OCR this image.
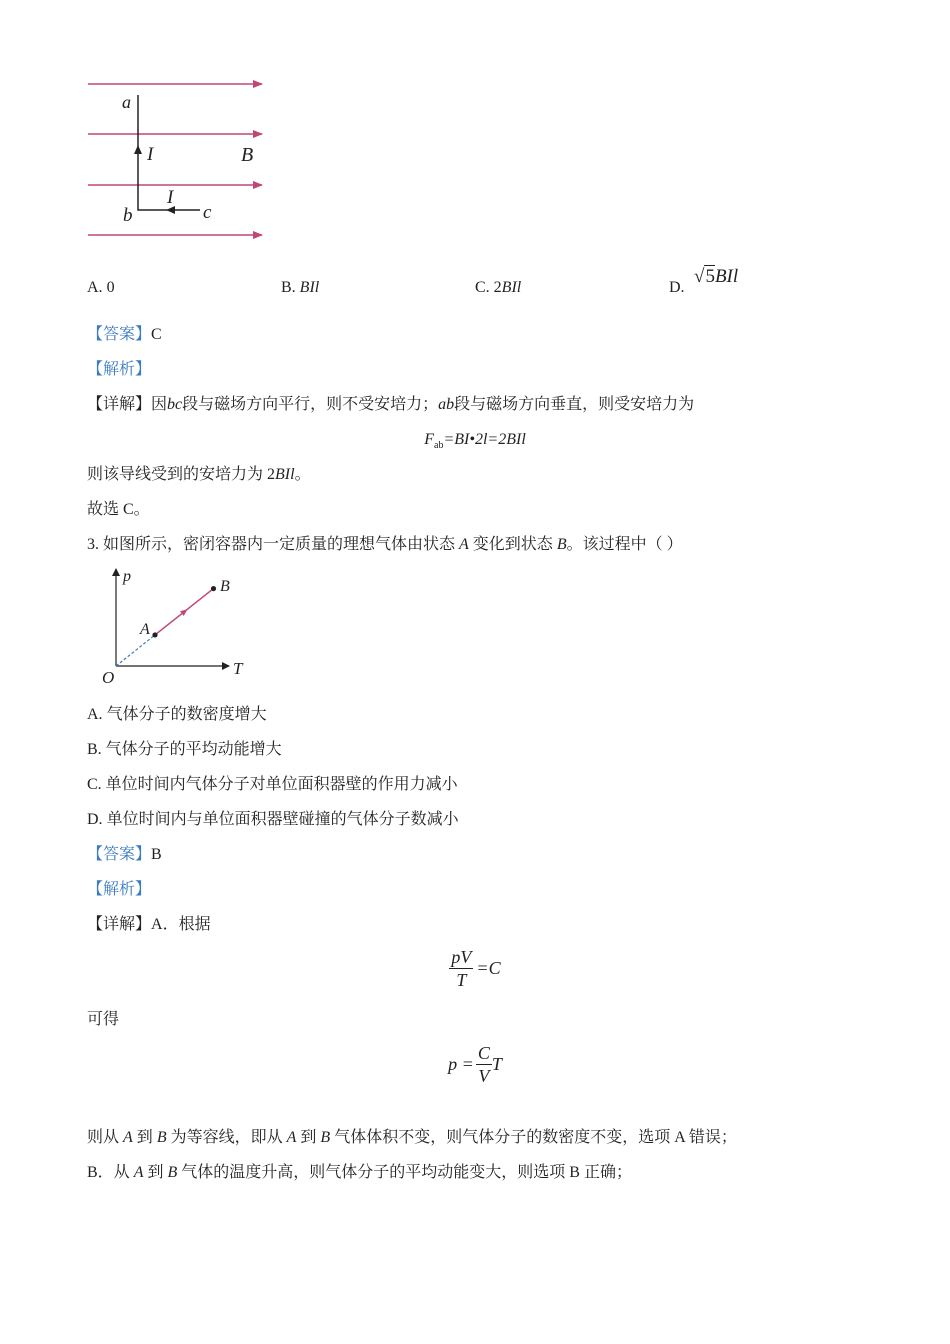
a
I	B
I
b	c
A. 0	B. BIl	C. 2BIl	D.
√5BIl
【答案】C
【解析】
【详解】因bc段与磁场方向平行，则不受安培力；ab段与磁场方向垂直，则受安培力为
$F_{ab}=BI•2l=2BIl$
则该导线受到的安培力为 2BIl。
故选 C。
3. 如图所示，密闭容器内一定质量的理想气体由状态 A 变化到状态 B。该过程中（ ）
p
T
O
A
B
A. 气体分子的数密度增大
B. 气体分子的平均动能增大
C. 单位时间内气体分子对单位面积器壁的作用力减小
D. 单位时间内与单位面积器壁碰撞的气体分子数减小
【答案】B
【解析】
【详解】A．根据
$\frac{pV}{T} =C$
可得
$p = \frac{C}{V}$ T
则从 A 到 B 为等容线，即从 A 到 B 气体体积不变，则气体分子的数密度不变，选项 A 错误；
B．从 A 到 B 气体的温度升高，则气体分子的平均动能变大，则选项 B 正确；
